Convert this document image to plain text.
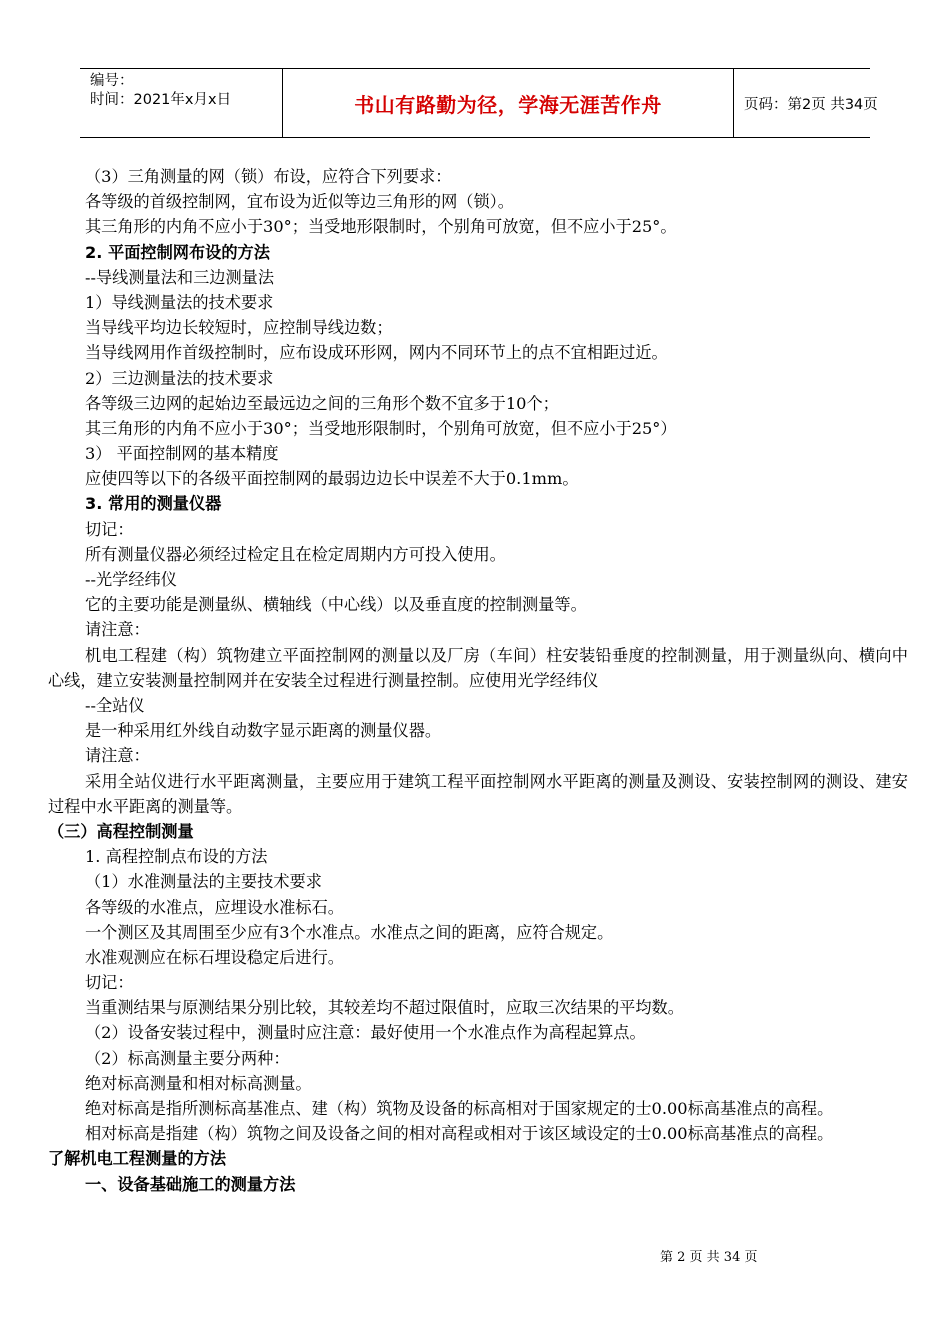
编号：
时间：2021年x月x日	书山有路勤为径，学海无涯苦作舟	页码：第2页 共34页
（3）三角测量的网（锁）布设，应符合下列要求：
各等级的首级控制网，宜布设为近似等边三角形的网（锁）。
其三角形的内角不应小于30°；当受地形限制时，个别角可放宽，但不应小于25°。
2. 平面控制网布设的方法
--导线测量法和三边测量法
1）导线测量法的技术要求
当导线平均边长较短时，应控制导线边数；
当导线网用作首级控制时，应布设成环形网，网内不同环节上的点不宜相距过近。
2）三边测量法的技术要求
各等级三边网的起始边至最远边之间的三角形个数不宜多于10个；
其三角形的内角不应小于30°；当受地形限制时，个别角可放宽，但不应小于25°）
3） 平面控制网的基本精度
应使四等以下的各级平面控制网的最弱边边长中误差不大于0.1mm。
3. 常用的测量仪器
切记：
所有测量仪器必须经过检定且在检定周期内方可投入使用。
--光学经纬仪
它的主要功能是测量纵、横轴线（中心线）以及垂直度的控制测量等。
请注意：
机电工程建（构）筑物建立平面控制网的测量以及厂房（车间）柱安装铅垂度的控制测量，用于测量纵向、横向中心线，建立安装测量控制网并在安装全过程进行测量控制。应使用光学经纬仪
--全站仪
是一种采用红外线自动数字显示距离的测量仪器。
请注意：
采用全站仪进行水平距离测量，主要应用于建筑工程平面控制网水平距离的测量及测设、安装控制网的测设、建安过程中水平距离的测量等。
（三）高程控制测量
1. 高程控制点布设的方法
（1）水准测量法的主要技术要求
各等级的水准点，应埋设水准标石。
一个测区及其周围至少应有3个水准点。水准点之间的距离，应符合规定。
水准观测应在标石埋设稳定后进行。
切记：
当重测结果与原测结果分别比较，其较差均不超过限值时，应取三次结果的平均数。
（2）设备安装过程中，测量时应注意：最好使用一个水准点作为高程起算点。
（2）标高测量主要分两种：
绝对标高测量和相对标高测量。
绝对标高是指所测标高基准点、建（构）筑物及设备的标高相对于国家规定的士0.00标高基准点的高程。
相对标高是指建（构）筑物之间及设备之间的相对高程或相对于该区域设定的士0.00标高基准点的高程。
了解机电工程测量的方法
一、设备基础施工的测量方法
第 2 页 共 34 页
